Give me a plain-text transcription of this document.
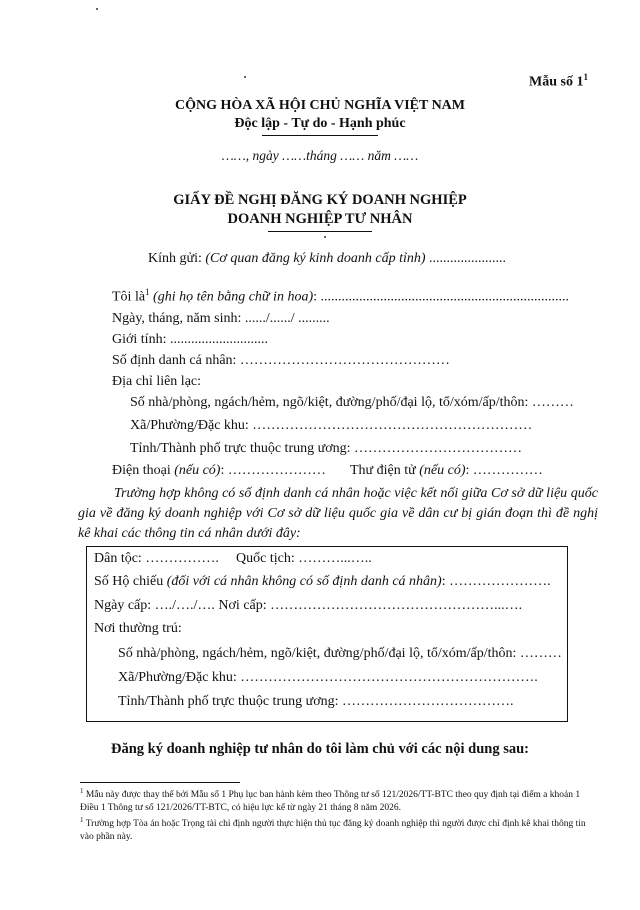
Mẫu số $1^1$
CỘNG HÒA XÃ HỘI CHỦ NGHĨA VIỆT NAM
Độc lập - Tự do - Hạnh phúc
……, ngày ……tháng …… năm ……
GIẤY ĐỀ NGHỊ ĐĂNG KÝ DOANH NGHIỆP
DOANH NGHIỆP TƯ NHÂN
Kính gửi: (Cơ quan đăng ký kinh doanh cấp tỉnh) ......................
Tôi $là^1$ (ghi họ tên bằng chữ in hoa): .......................................................................
Ngày, tháng, năm sinh: ....../....../ .........
Giới tính: ............................
Số định danh cá nhân: ………………………………………
Địa chỉ liên lạc:
Số nhà/phòng, ngách/hẻm, ngõ/kiệt, đường/phố/đại lộ, tổ/xóm/ấp/thôn: ………
Xã/Phường/Đặc khu: ……………………………………………………
Tỉnh/Thành phố trực thuộc trung ương: ………………………………
Điện thoại (nếu có): ………………… Thư điện tử (nếu có): ……………
Trường hợp không có số định danh cá nhân hoặc việc kết nối giữa Cơ sở dữ liệu quốc gia về đăng ký doanh nghiệp với Cơ sở dữ liệu quốc gia về dân cư bị gián đoạn thì đề nghị kê khai các thông tin cá nhân dưới đây:
Dân tộc: ……………. Quốc tịch: ………...…..
Số Hộ chiếu (đối với cá nhân không có số định danh cá nhân): ………………….
Ngày cấp: …./…./…. Nơi cấp: …………………………………………...….
Nơi thường trú:
Số nhà/phòng, ngách/hẻm, ngõ/kiệt, đường/phố/đại lộ, tổ/xóm/ấp/thôn: ………
Xã/Phường/Đặc khu: ……………………………………………………….
Tỉnh/Thành phố trực thuộc trung ương: ……………………………….
Đăng ký doanh nghiệp tư nhân do tôi làm chủ với các nội dung sau:

$^1$ Mẫu này được thay thế bởi Mẫu số 1 Phụ lục ban hành kèm theo Thông tư số 121/2026/TT-BTC theo quy định tại điểm a khoản 1 Điều 1 Thông tư số 121/2026/TT-BTC, có hiệu lực kể từ ngày 21 tháng 8 năm 2026.

$^1$ Trường hợp Tòa án hoặc Trọng tài chỉ định người thực hiện thủ tục đăng ký doanh nghiệp thì người được chỉ định kê khai thông tin vào phần này.
